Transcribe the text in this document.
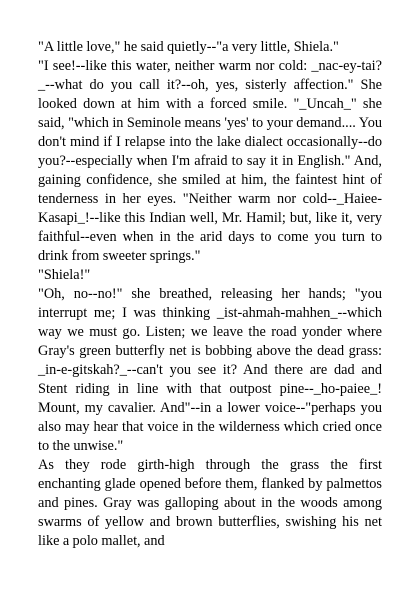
"A little love," he said quietly--"a very little, Shiela."

"I see!--like this water, neither warm nor cold: _nac-ey-tai?_--what do you call it?--oh, yes, sisterly affection." She looked down at him with a forced smile. "_Uncah_" she said, "which in Seminole means 'yes' to your demand.... You don't mind if I relapse into the lake dialect occasionally--do you?--especially when I'm afraid to say it in English." And, gaining confidence, she smiled at him, the faintest hint of tenderness in her eyes. "Neither warm nor cold--_Haiee-Kasapi_!--like this Indian well, Mr. Hamil; but, like it, very faithful--even when in the arid days to come you turn to drink from sweeter springs."

"Shiela!"

"Oh, no--no!" she breathed, releasing her hands; "you interrupt me; I was thinking _ist-ahmah-mahhen_--which way we must go. Listen; we leave the road yonder where Gray's green butterfly net is bobbing above the dead grass: _in-e-gitskah?_--can't you see it? And there are dad and Stent riding in line with that outpost pine--_ho-paiee_! Mount, my cavalier. And"--in a lower voice--"perhaps you also may hear that voice in the wilderness which cried once to the unwise."

As they rode girth-high through the grass the first enchanting glade opened before them, flanked by palmettos and pines. Gray was galloping about in the woods among swarms of yellow and brown butterflies, swishing his net like a polo mallet, and
